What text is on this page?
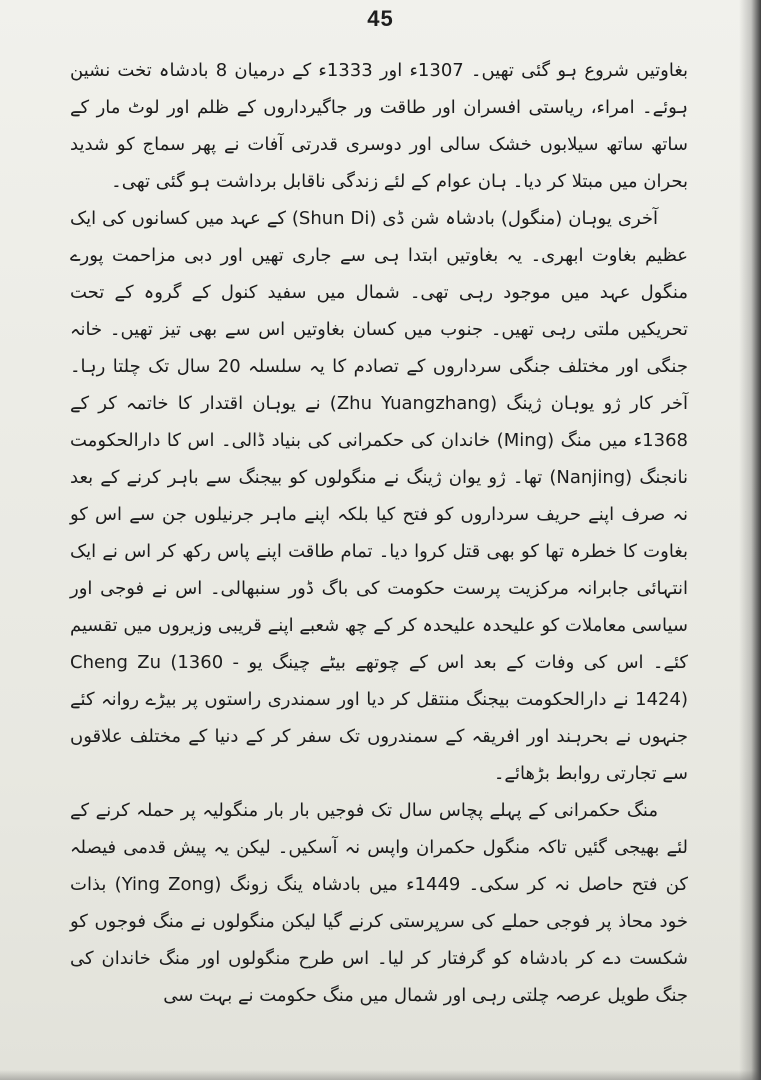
45

بغاوتیں شروع ہو گئی تھیں۔ 1307ء اور 1333ء کے درمیان 8 بادشاہ تخت نشین ہوئے۔ امراء، ریاستی افسران اور طاقت ور جاگیرداروں کے ظلم اور لوٹ مار کے ساتھ ساتھ سیلابوں خشک سالی اور دوسری قدرتی آفات نے پھر سماج کو شدید بحران میں مبتلا کر دیا۔ ہان عوام کے لئے زندگی ناقابل برداشت ہو گئی تھی۔

آخری یوہان (منگول) بادشاہ شن ڈی (Shun Di) کے عہد میں کسانوں کی ایک عظیم بغاوت ابھری۔ یہ بغاوتیں ابتدا ہی سے جاری تھیں اور دبی مزاحمت پورے منگول عہد میں موجود رہی تھی۔ شمال میں سفید کنول کے گروہ کے تحت تحریکیں ملتی رہی تھیں۔ جنوب میں کسان بغاوتیں اس سے بھی تیز تھیں۔ خانہ جنگی اور مختلف جنگی سرداروں کے تصادم کا یہ سلسلہ 20 سال تک چلتا رہا۔ آخر کار ژو یوہان ژینگ (Zhu Yuangzhang) نے یوہان اقتدار کا خاتمہ کر کے 1368ء میں منگ (Ming) خاندان کی حکمرانی کی بنیاد ڈالی۔ اس کا دارالحکومت نانجنگ (Nanjing) تھا۔ ژو یوان ژینگ نے منگولوں کو بیجنگ سے باہر کرنے کے بعد نہ صرف اپنے حریف سرداروں کو فتح کیا بلکہ اپنے ماہر جرنیلوں جن سے اس کو بغاوت کا خطرہ تھا کو بھی قتل کروا دیا۔ تمام طاقت اپنے پاس رکھ کر اس نے ایک انتہائی جابرانہ مرکزیت پرست حکومت کی باگ ڈور سنبھالی۔ اس نے فوجی اور سیاسی معاملات کو علیحدہ علیحدہ کر کے چھ شعبے اپنے قریبی وزیروں میں تقسیم کئے۔ اس کی وفات کے بعد اس کے چوتھے بیٹے چینگ یو Cheng Zu (1360 - 1424) نے دارالحکومت بیجنگ منتقل کر دیا اور سمندری راستوں پر بیڑے روانہ کئے جنہوں نے بحرہند اور افریقہ کے سمندروں تک سفر کر کے دنیا کے مختلف علاقوں سے تجارتی روابط بڑھائے۔

منگ حکمرانی کے پہلے پچاس سال تک فوجیں بار بار منگولیہ پر حملہ کرنے کے لئے بھیجی گئیں تاکہ منگول حکمران واپس نہ آسکیں۔ لیکن یہ پیش قدمی فیصلہ کن فتح حاصل نہ کر سکی۔ 1449ء میں بادشاہ ینگ زونگ (Ying Zong) بذات خود محاذ پر فوجی حملے کی سرپرستی کرنے گیا لیکن منگولوں نے منگ فوجوں کو شکست دے کر بادشاہ کو گرفتار کر لیا۔ اس طرح منگولوں اور منگ خاندان کی جنگ طویل عرصہ چلتی رہی اور شمال میں منگ حکومت نے بہت سی
